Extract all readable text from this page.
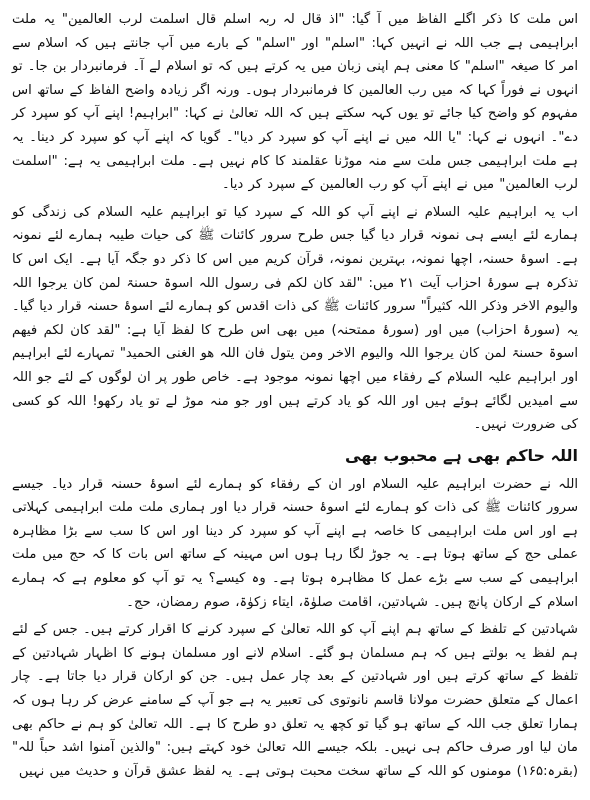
اس ملت کا ذکر اگلے الفاظ میں آ گیا: "اذ قال لہ ربہ اسلم قال اسلمت لرب العالمین" یہ ملت ابراہیمی ہے جب اللہ نے انہیں کہا: "اسلم" اور "اسلم" کے بارے میں آپ جانتے ہیں کہ اسلام سے امر کا صیغہ "اسلم" کا معنی ہم اپنی زبان میں یہ کرتے ہیں کہ تو اسلام لے آ۔ فرمانبردار بن جا۔ تو انہوں نے فوراً کہا کہ میں رب العالمین کا فرمانبردار ہوں۔ ورنہ اگر زیادہ واضح الفاظ کے ساتھ اس مفہوم کو واضح کیا جائے تو یوں کہہ سکتے ہیں کہ اللہ تعالیٰ نے کہا: "ابراہیم! اپنے آپ کو سپرد کر دے"۔ انہوں نے کہا: "یا اللہ میں نے اپنے آپ کو سپرد کر دیا"۔ گویا کہ اپنے آپ کو سپرد کر دینا۔ یہ ہے ملت ابراہیمی جس ملت سے منہ موڑنا عقلمند کا کام نہیں ہے۔ ملت ابراہیمی یہ ہے: "اسلمت لرب العالمین" میں نے اپنے آپ کو رب العالمین کے سپرد کر دیا۔

اب یہ ابراہیم علیہ السلام نے اپنے آپ کو اللہ کے سپرد کیا تو ابراہیم علیہ السلام کی زندگی کو ہمارے لئے ایسے ہی نمونہ قرار دیا گیا جس طرح سرور کائنات ﷺ کی حیات طیبہ ہمارے لئے نمونہ ہے۔ اسوۂ حسنہ، اچھا نمونہ، بہترین نمونہ، قرآن کریم میں اس کا ذکر دو جگہ آیا ہے۔ ایک اس کا تذکرہ ہے سورۂ احزاب آیت ۲۱ میں: "لقد کان لکم فی رسول اللہ اسوۃ حسنۃ لمن کان یرجوا اللہ والیوم الاخر وذکر اللہ کثیراً" سرور کائنات ﷺ کی ذات اقدس کو ہمارے لئے اسوۂ حسنہ قرار دیا گیا۔ یہ (سورۂ احزاب) میں اور (سورۂ ممتحنہ) میں بھی اس طرح کا لفظ آیا ہے: "لقد کان لکم فیھم اسوۃ حسنۃ لمن کان یرجوا اللہ والیوم الاخر ومن یتول فان اللہ ھو الغنی الحمید" تمہارے لئے ابراہیم اور ابراہیم علیہ السلام کے رفقاء میں اچھا نمونہ موجود ہے۔ خاص طور پر ان لوگوں کے لئے جو اللہ سے امیدیں لگائے ہوئے ہیں اور اللہ کو یاد کرتے ہیں اور جو منہ موڑ لے تو یاد رکھو! اللہ کو کسی کی ضرورت نہیں۔

اللہ حاکم بھی ہے محبوب بھی

اللہ نے حضرت ابراہیم علیہ السلام اور ان کے رفقاء کو ہمارے لئے اسوۂ حسنہ قرار دیا۔ جیسے سرور کائنات ﷺ کی ذات کو ہمارے لئے اسوۂ حسنہ قرار دیا اور ہماری ملت ملت ابراہیمی کہلاتی ہے اور اس ملت ابراہیمی کا خاصہ ہے اپنے آپ کو سپرد کر دینا اور اس کا سب سے بڑا مظاہرہ عملی حج کے ساتھ ہوتا ہے۔ یہ جوڑ لگا رہا ہوں اس مہینہ کے ساتھ اس بات کا کہ حج میں ملت ابراہیمی کے سب سے بڑے عمل کا مظاہرہ ہوتا ہے۔ وہ کیسے؟ یہ تو آپ کو معلوم ہے کہ ہمارے اسلام کے ارکان پانچ ہیں۔ شہادتین، اقامت صلوٰۃ، ایتاء زکوٰۃ، صوم رمضان، حج۔

شہادتین کے تلفظ کے ساتھ ہم اپنے آپ کو اللہ تعالیٰ کے سپرد کرنے کا اقرار کرتے ہیں۔ جس کے لئے ہم لفظ یہ بولتے ہیں کہ ہم مسلمان ہو گئے۔ اسلام لانے اور مسلمان ہونے کا اظہار شہادتین کے تلفظ کے ساتھ کرتے ہیں اور شہادتین کے بعد چار عمل ہیں۔ جن کو ارکان قرار دیا جاتا ہے۔ چار اعمال کے متعلق حضرت مولانا قاسم نانوتوی کی تعبیر یہ ہے جو آپ کے سامنے عرض کر رہا ہوں کہ ہمارا تعلق جب اللہ کے ساتھ ہو گیا تو کچھ یہ تعلق دو طرح کا ہے۔ اللہ تعالیٰ کو ہم نے حاکم بھی مان لیا اور صرف حاکم ہی نہیں۔ بلکہ جیسے اللہ تعالیٰ خود کہتے ہیں: "والذین آمنوا اشد حباً للہ" (بقرہ:۱۶۵) مومنوں کو اللہ کے ساتھ سخت محبت ہوتی ہے۔ یہ لفظ عشق قرآن و حدیث میں نہیں
